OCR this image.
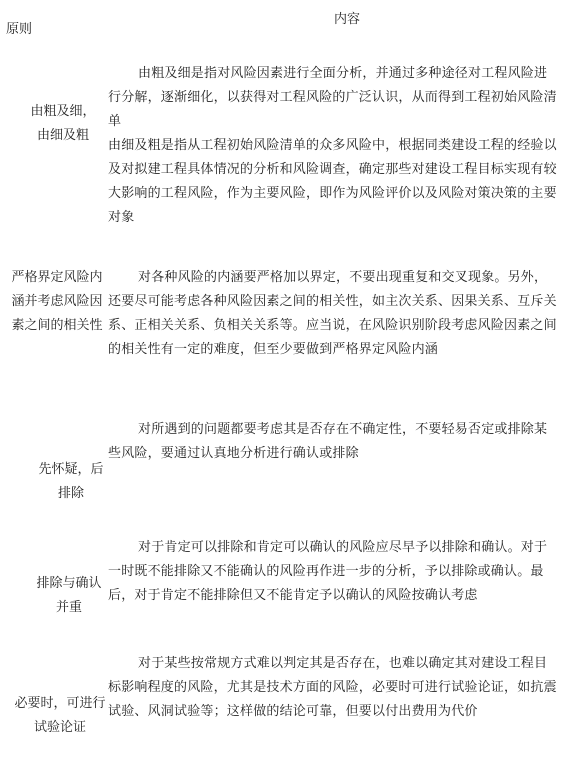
原则
内容
由粗及细，由细及粗

由粗及细是指对风险因素进行全面分析，并通过多种途径对工程风险进行分解，逐渐细化，以获得对工程风险的广泛认识，从而得到工程初始风险清单

由细及粗是指从工程初始风险清单的众多风险中，根据同类建设工程的经验以及对拟建工程具体情况的分析和风险调查，确定那些对建设工程目标实现有较大影响的工程风险，作为主要风险，即作为风险评价以及风险对策决策的主要对象

严格界定风险内涵并考虑风险因素之间的相关性

对各种风险的内涵要严格加以界定，不要出现重复和交叉现象。另外，还要尽可能考虑各种风险因素之间的相关性，如主次关系、因果关系、互斥关系、正相关关系、负相关关系等。应当说，在风险识别阶段考虑风险因素之间的相关性有一定的难度，但至少要做到严格界定风险内涵

先怀疑，后排除

对所遇到的问题都要考虑其是否存在不确定性，不要轻易否定或排除某些风险，要通过认真地分析进行确认或排除

排除与确认并重

对于肯定可以排除和肯定可以确认的风险应尽早予以排除和确认。对于一时既不能排除又不能确认的风险再作进一步的分析，予以排除或确认。最后，对于肯定不能排除但又不能肯定予以确认的风险按确认考虑

必要时，可进行试验论证

对于某些按常规方式难以判定其是否存在，也难以确定其对建设工程目标影响程度的风险，尤其是技术方面的风险，必要时可进行试验论证，如抗震试验、风洞试验等；这样做的结论可靠，但要以付出费用为代价
